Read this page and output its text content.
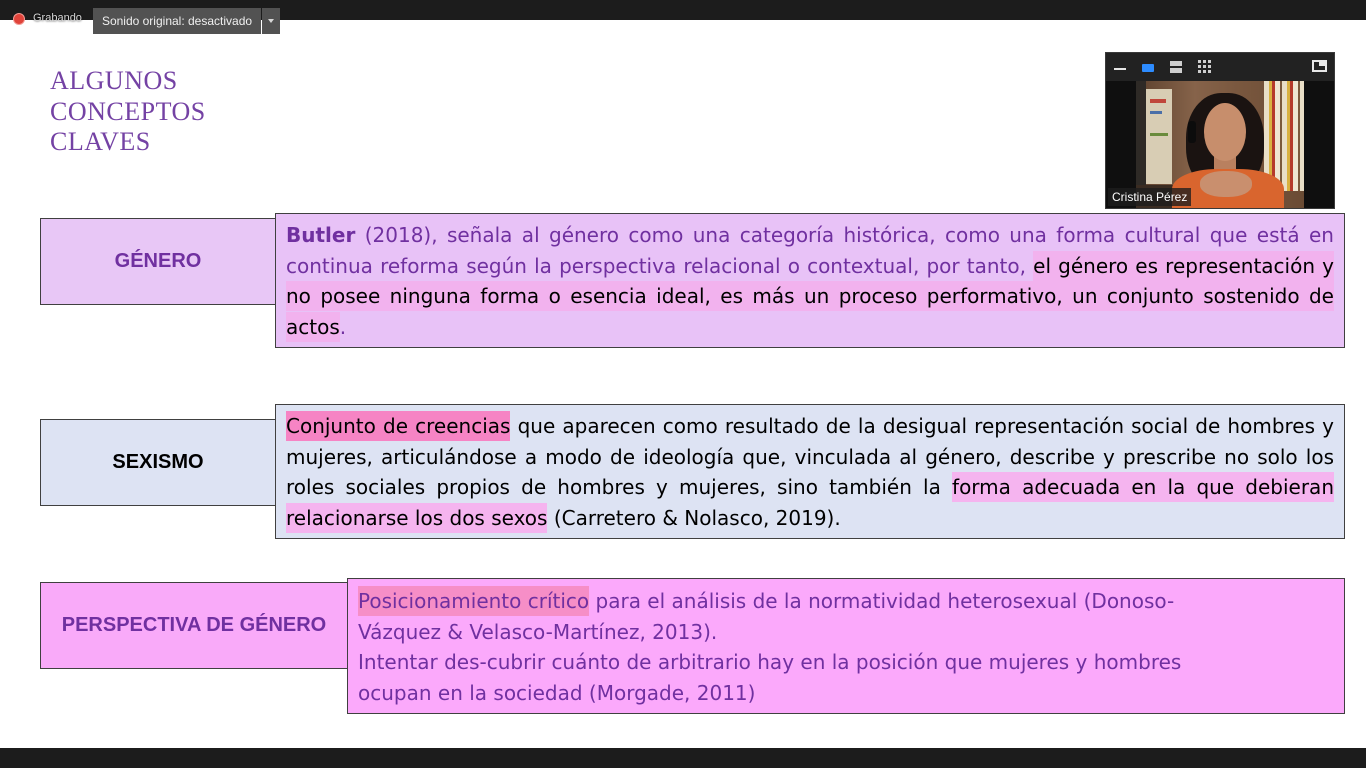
Grabando	Sonido original: desactivado
ALGUNOS CONCEPTOS CLAVES
GÉNERO

Butler (2018), señala al género como una categoría histórica, como una forma cultural que está en continua reforma según la perspectiva relacional o contextual, por tanto, el género es representación y no posee ninguna forma o esencia ideal, es más un proceso performativo, un conjunto sostenido de actos.

SEXISMO

Conjunto de creencias que aparecen como resultado de la desigual representación social de hombres y mujeres, articulándose a modo de ideología que, vinculada al género, describe y prescribe no solo los roles sociales propios de hombres y mujeres, sino también la forma adecuada en la que debieran relacionarse los dos sexos (Carretero & Nolasco, 2019).

PERSPECTIVA DE GÉNERO

Posicionamiento crítico para el análisis de la normatividad heterosexual (Donoso-Vázquez & Velasco-Martínez, 2013).

Intentar des-cubrir cuánto de arbitrario hay en la posición que mujeres y hombres ocupan en la sociedad (Morgade, 2011)

Cristina Pérez
